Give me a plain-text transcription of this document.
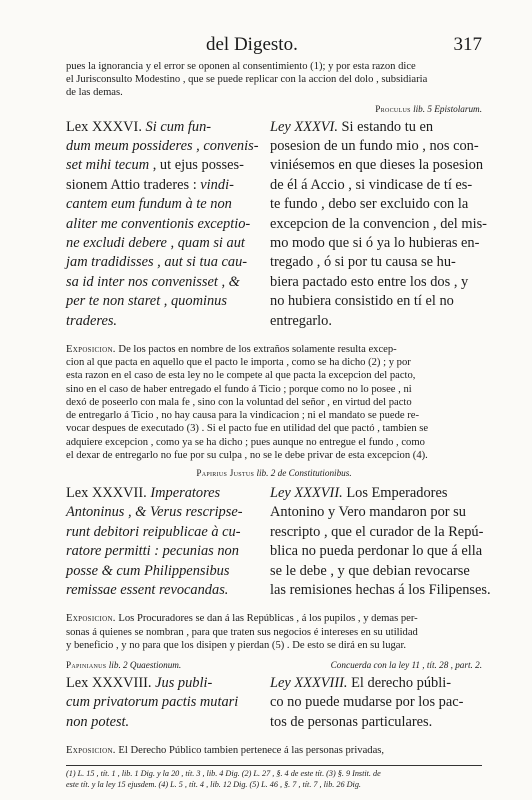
del Digesto.	317

pues la ignorancia y el error se oponen al consentimiento (1); y por esta razon dice
el Jurisconsulto Modestino , que se puede replicar con la accion del dolo , subsidiaria
de las demas.

Proculus lib. 5 Epistolarum.
Lex XXXVI. Si cum fun-
dum meum possideres , convenis-
set mihi tecum , ut ejus posses-
sionem Attio traderes : vindi-
cantem eum fundum à te non
aliter me conventionis exceptio-
ne excludi debere , quam si aut
jam tradidisses , aut si tua cau-
sa id inter nos convenisset , &
per te non staret , quominus
traderes.
Ley XXXVI. Si estando tu en
posesion de un fundo mio , nos con-
viniésemos en que dieses la posesion
de él á Accio , si vindicase de tí es-
te fundo , debo ser excluido con la
excepcion de la convencion , del mis-
mo modo que si ó ya lo hubieras en-
tregado , ó si por tu causa se hu-
biera pactado esto entre los dos , y
no hubiera consistido en tí el no
entregarlo.

Exposicion. De los pactos en nombre de los extraños solamente resulta excep-
cion al que pacta en aquello que el pacto le importa , como se ha dicho (2) ; y por
esta razon en el caso de esta ley no le compete al que pacta la excepcion del pacto,
sino en el caso de haber entregado el fundo á Ticio ; porque como no lo posee , ni
dexó de poseerlo con mala fe , sino con la voluntad del señor , en virtud del pacto
de entregarlo á Ticio , no hay causa para la vindicacion ; ni el mandato se puede re-
vocar despues de executado (3) . Si el pacto fue en utilidad del que pactó , tambien se
adquiere excepcion , como ya se ha dicho ; pues aunque no entregue el fundo , como
el dexar de entregarlo no fue por su culpa , no se le debe privar de esta excepcion (4).

Papirius Justus lib. 2 de Constitutionibus.
Lex XXXVII. Imperatores
Antoninus , & Verus rescripse-
runt debitori reipublicae à cu-
ratore permitti : pecunias non
posse & cum Philippensibus
remissae essent revocandas.
Ley XXXVII. Los Emperadores
Antonino y Vero mandaron por su
rescripto , que el curador de la Repú-
blica no pueda perdonar lo que á ella
se le debe , y que debian revocarse
las remisiones hechas á los Filipenses.

Exposicion. Los Procuradores se dan á las Repúblicas , á los pupilos , y demas per-
sonas á quienes se nombran , para que traten sus negocios é intereses en su utilidad
y beneficio , y no para que los disipen y pierdan (5) . De esto se dirá en su lugar.

Papinianus lib. 2 Quaestionum.	Concuerda con la ley 11 , tít. 28 , part. 2.
Lex XXXVIII. Jus publi-
cum privatorum pactis mutari
non potest.
Ley XXXVIII. El derecho públi-
co no puede mudarse por los pac-
tos de personas particulares.

Exposicion. El Derecho Público tambien pertenece á las personas privadas,

(1) L. 15 , tít. 1 , lib. 1 Dig. y la 20 , tít. 3 , lib. 4 Dig. (2) L. 27 , §. 4 de este tít. (3) §. 9 Instit. de
este tít. y la ley 15 ejusdem. (4) L. 5 , tít. 4 , lib. 12 Dig. (5) L. 46 , §. 7 , tít. 7 , lib. 26 Dig.
